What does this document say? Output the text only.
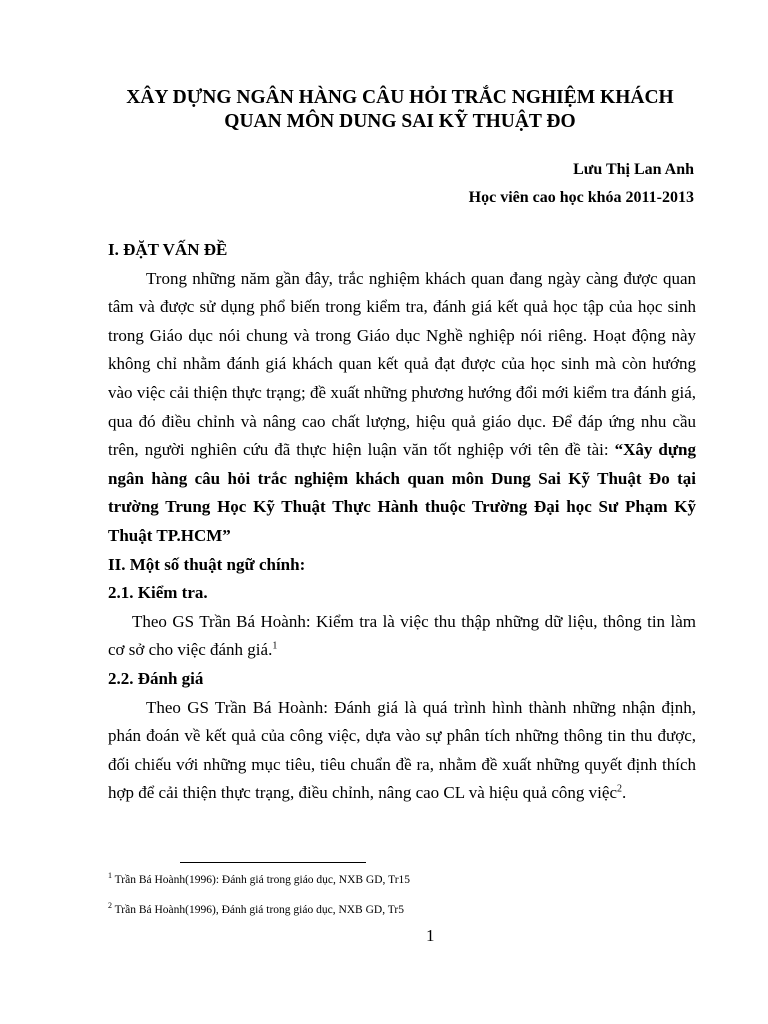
XÂY DỰNG NGÂN HÀNG CÂU HỎI TRẮC NGHIỆM KHÁCH
QUAN MÔN DUNG SAI KỸ THUẬT ĐO
Lưu Thị Lan Anh
Học viên cao học khóa 2011-2013

I. ĐẶT VẤN ĐỀ

Trong những năm gần đây, trắc nghiệm khách quan đang ngày càng được quan tâm và được sử dụng phổ biến trong kiểm tra, đánh giá kết quả học tập của học sinh trong Giáo dục nói chung và trong Giáo dục Nghề nghiệp nói riêng. Hoạt động này không chỉ nhằm đánh giá khách quan kết quả đạt được của học sinh mà còn hướng vào việc cải thiện thực trạng; đề xuất những phương hướng đổi mới kiểm tra đánh giá, qua đó điều chỉnh và nâng cao chất lượng, hiệu quả giáo dục. Để đáp ứng nhu cầu trên, người nghiên cứu đã thực hiện luận văn tốt nghiệp với tên đề tài: “Xây dựng ngân hàng câu hỏi trắc nghiệm khách quan môn Dung Sai Kỹ Thuật Đo tại trường Trung Học Kỹ Thuật Thực Hành thuộc Trường Đại học Sư Phạm Kỹ Thuật TP.HCM”

II. Một số thuật ngữ chính:

2.1. Kiểm tra.

Theo GS Trần Bá Hoành: Kiểm tra là việc thu thập những dữ liệu, thông tin làm cơ sở cho việc đánh giá.$^1$

2.2. Đánh giá

Theo GS Trần Bá Hoành: Đánh giá là quá trình hình thành những nhận định, phán đoán về kết quả của công việc, dựa vào sự phân tích những thông tin thu được, đối chiếu với những mục tiêu, tiêu chuẩn đề ra, nhằm đề xuất những quyết định thích hợp để cải thiện thực trạng, điều chỉnh, nâng cao CL và hiệu quả công việc$^2$.

$^1$ Trần Bá Hoành(1996): Đánh giá trong giáo dục, NXB GD, Tr15
$^2$ Trần Bá Hoành(1996), Đánh giá trong giáo dục, NXB GD, Tr5
1
